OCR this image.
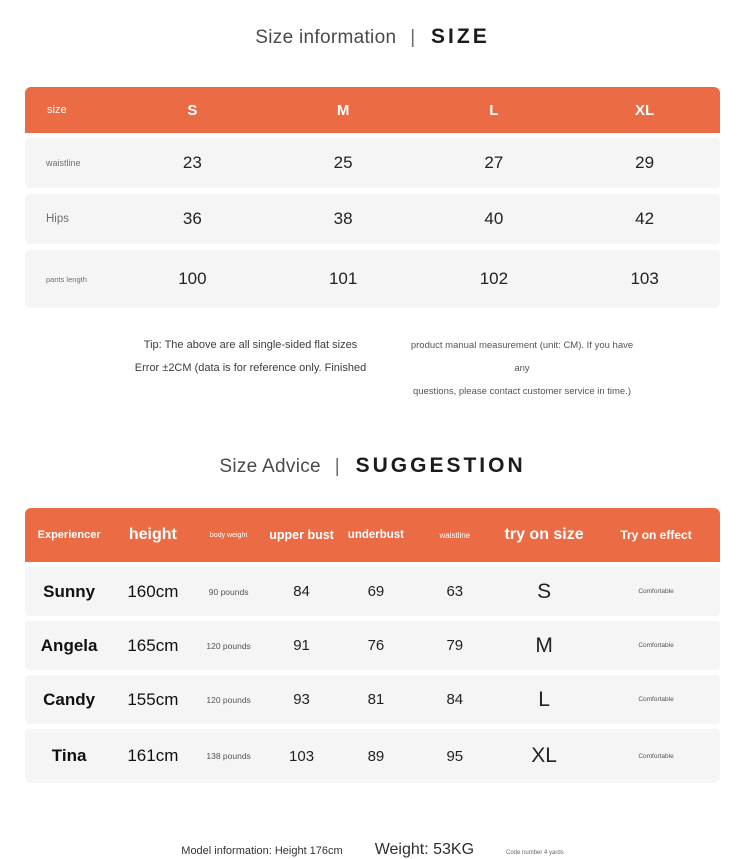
Size information | SIZE
size	S	M	L	XL
waistline	23	25	27	29
Hips	36	38	40	42
pants length	100	101	102	103
Tip: The above are all single-sided flat sizes
Error ±2CM (data is for reference only. Finished
product manual measurement (unit: CM). If you have any
questions, please contact customer service in time.)
Size Advice | SUGGESTION
Experiencer	height	body weight	upper bust	underbust	waistline	try on size	Try on effect
Sunny	160cm	90 pounds	84	69	63	S	Comfortable
Angela	165cm	120 pounds	91	76	79	M	Comfortable
Candy	155cm	120 pounds	93	81	84	L	Comfortable
Tina	161cm	138 pounds	103	89	95	XL	Comfortable
Model information: Height 176cm Weight: 53KG	Code number 4 yards
